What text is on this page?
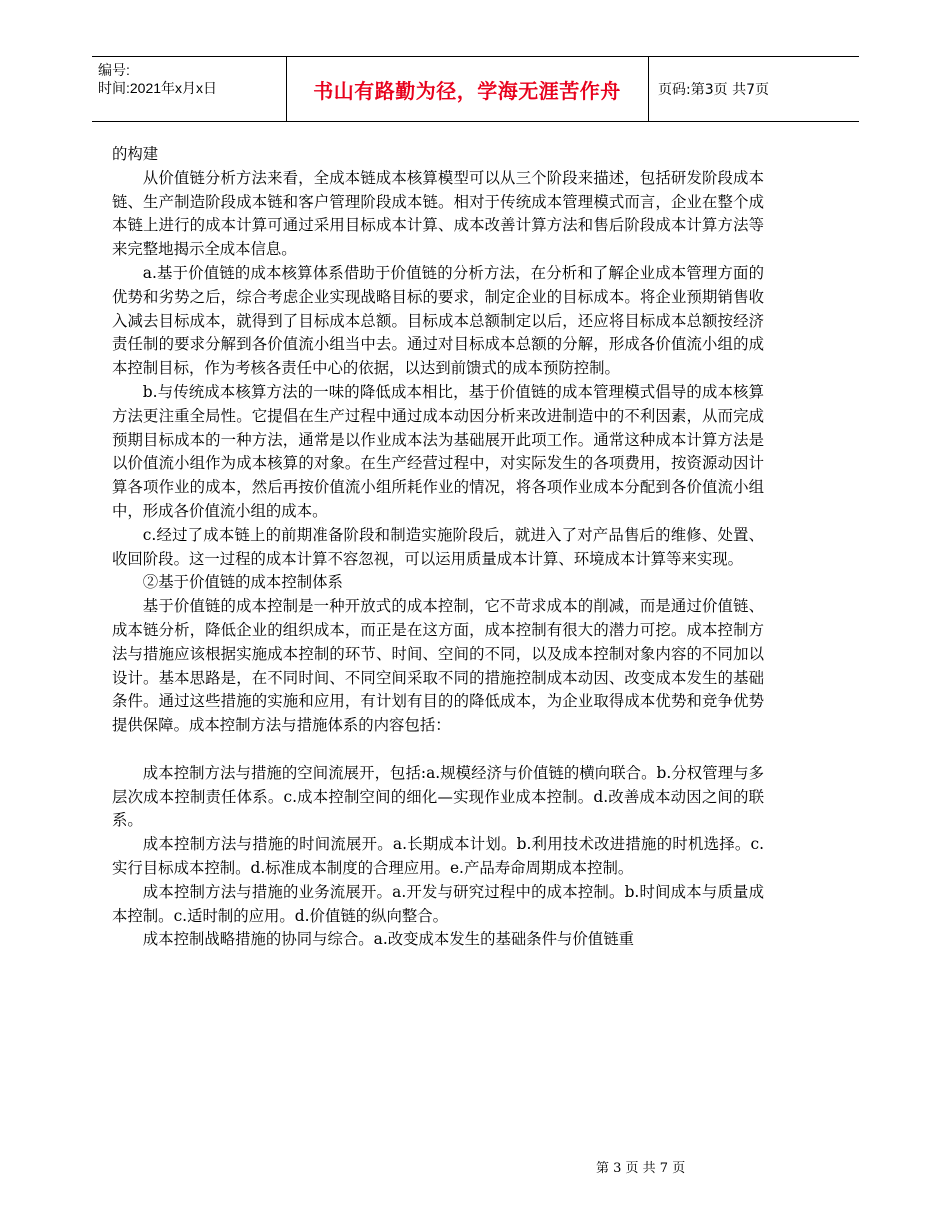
编号:
时间:2021年x月x日	书山有路勤为径，学海无涯苦作舟	页码:第3页 共7页

的构建

从价值链分析方法来看，全成本链成本核算模型可以从三个阶段来描述，包括研发阶段成本链、生产制造阶段成本链和客户管理阶段成本链。相对于传统成本管理模式而言，企业在整个成本链上进行的成本计算可通过采用目标成本计算、成本改善计算方法和售后阶段成本计算方法等来完整地揭示全成本信息。

a.基于价值链的成本核算体系借助于价值链的分析方法，在分析和了解企业成本管理方面的优势和劣势之后，综合考虑企业实现战略目标的要求，制定企业的目标成本。将企业预期销售收入减去目标成本，就得到了目标成本总额。目标成本总额制定以后，还应将目标成本总额按经济责任制的要求分解到各价值流小组当中去。通过对目标成本总额的分解，形成各价值流小组的成本控制目标，作为考核各责任中心的依据，以达到前馈式的成本预防控制。

b.与传统成本核算方法的一味的降低成本相比，基于价值链的成本管理模式倡导的成本核算方法更注重全局性。它提倡在生产过程中通过成本动因分析来改进制造中的不利因素，从而完成预期目标成本的一种方法，通常是以作业成本法为基础展开此项工作。通常这种成本计算方法是以价值流小组作为成本核算的对象。在生产经营过程中，对实际发生的各项费用，按资源动因计算各项作业的成本，然后再按价值流小组所耗作业的情况，将各项作业成本分配到各价值流小组中，形成各价值流小组的成本。

c.经过了成本链上的前期准备阶段和制造实施阶段后，就进入了对产品售后的维修、处置、收回阶段。这一过程的成本计算不容忽视，可以运用质量成本计算、环境成本计算等来实现。

②基于价值链的成本控制体系

基于价值链的成本控制是一种开放式的成本控制，它不苛求成本的削减，而是通过价值链、成本链分析，降低企业的组织成本，而正是在这方面，成本控制有很大的潜力可挖。成本控制方法与措施应该根据实施成本控制的环节、时间、空间的不同，以及成本控制对象内容的不同加以设计。基本思路是，在不同时间、不同空间采取不同的措施控制成本动因、改变成本发生的基础条件。通过这些措施的实施和应用，有计划有目的的降低成本，为企业取得成本优势和竞争优势提供保障。成本控制方法与措施体系的内容包括：

成本控制方法与措施的空间流展开，包括:a.规模经济与价值链的横向联合。b.分权管理与多层次成本控制责任体系。c.成本控制空间的细化—实现作业成本控制。d.改善成本动因之间的联系。

成本控制方法与措施的时间流展开。a.长期成本计划。b.利用技术改进措施的时机选择。c.实行目标成本控制。d.标准成本制度的合理应用。e.产品寿命周期成本控制。

成本控制方法与措施的业务流展开。a.开发与研究过程中的成本控制。b.时间成本与质量成本控制。c.适时制的应用。d.价值链的纵向整合。

成本控制战略措施的协同与综合。a.改变成本发生的基础条件与价值链重

第 3 页 共 7 页
